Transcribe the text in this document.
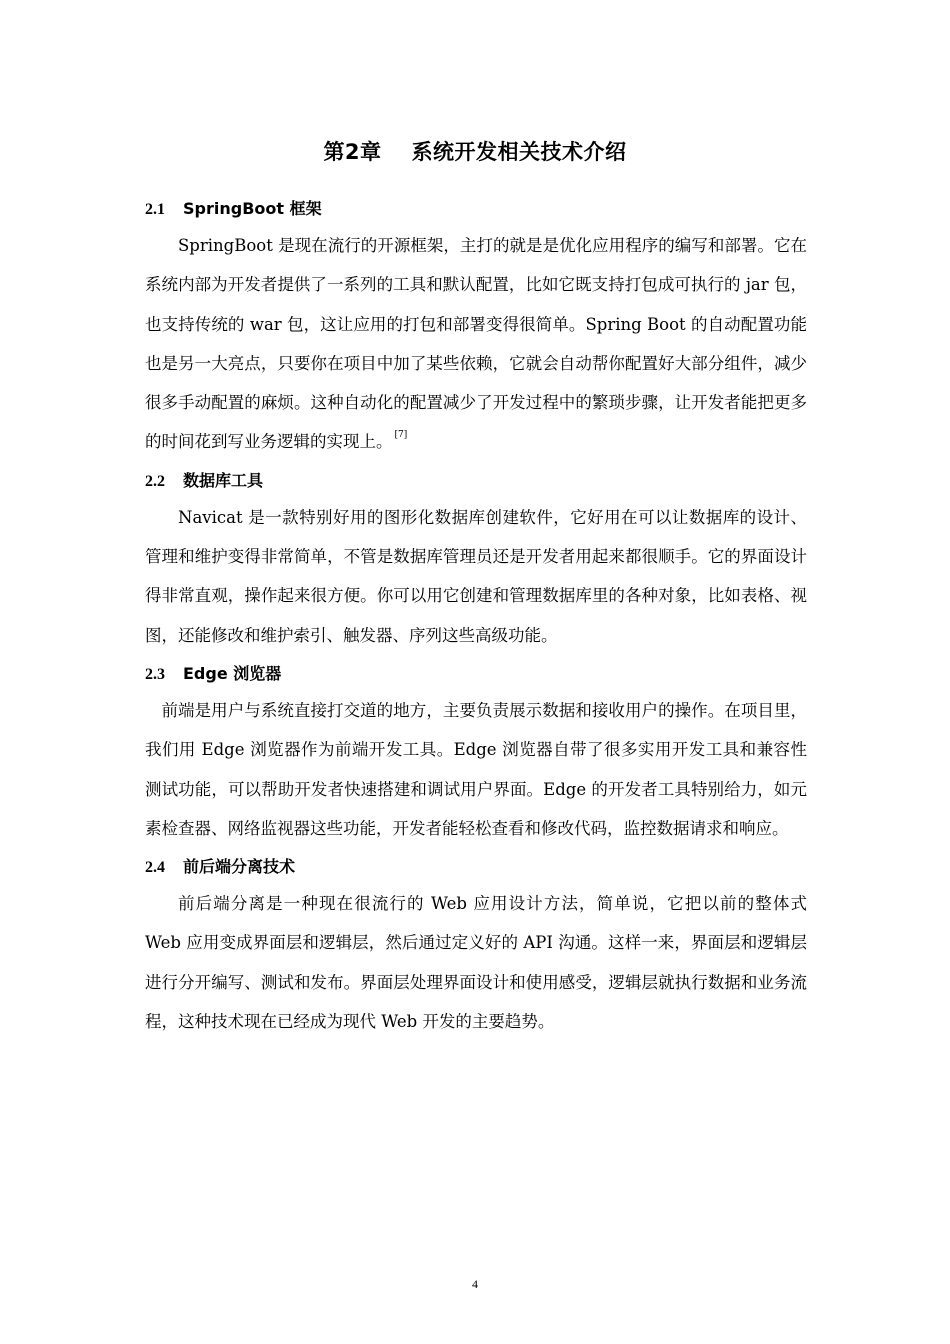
第2章 系统开发相关技术介绍
2.1 SpringBoot 框架

SpringBoot 是现在流行的开源框架，主打的就是是优化应用程序的编写和部署。它在系统内部为开发者提供了一系列的工具和默认配置，比如它既支持打包成可执行的 jar 包，也支持传统的 war 包，这让应用的打包和部署变得很简单。Spring Boot 的自动配置功能也是另一大亮点，只要你在项目中加了某些依赖，它就会自动帮你配置好大部分组件，减少很多手动配置的麻烦。这种自动化的配置减少了开发过程中的繁琐步骤，让开发者能把更多的时间花到写业务逻辑的实现上。 [7]

2.2 数据库工具

Navicat 是一款特别好用的图形化数据库创建软件，它好用在可以让数据库的设计、管理和维护变得非常简单，不管是数据库管理员还是开发者用起来都很顺手。它的界面设计得非常直观，操作起来很方便。你可以用它创建和管理数据库里的各种对象，比如表格、视图，还能修改和维护索引、触发器、序列这些高级功能。

2.3 Edge 浏览器

前端是用户与系统直接打交道的地方，主要负责展示数据和接收用户的操作。在项目里，我们用 Edge 浏览器作为前端开发工具。Edge 浏览器自带了很多实用开发工具和兼容性测试功能，可以帮助开发者快速搭建和调试用户界面。Edge 的开发者工具特别给力，如元素检查器、网络监视器这些功能，开发者能轻松查看和修改代码，监控数据请求和响应。

2.4 前后端分离技术

前后端分离是一种现在很流行的 Web 应用设计方法，简单说，它把以前的整体式 Web 应用变成界面层和逻辑层，然后通过定义好的 API 沟通。这样一来，界面层和逻辑层进行分开编写、测试和发布。界面层处理界面设计和使用感受，逻辑层就执行数据和业务流程，这种技术现在已经成为现代 Web 开发的主要趋势。

4
